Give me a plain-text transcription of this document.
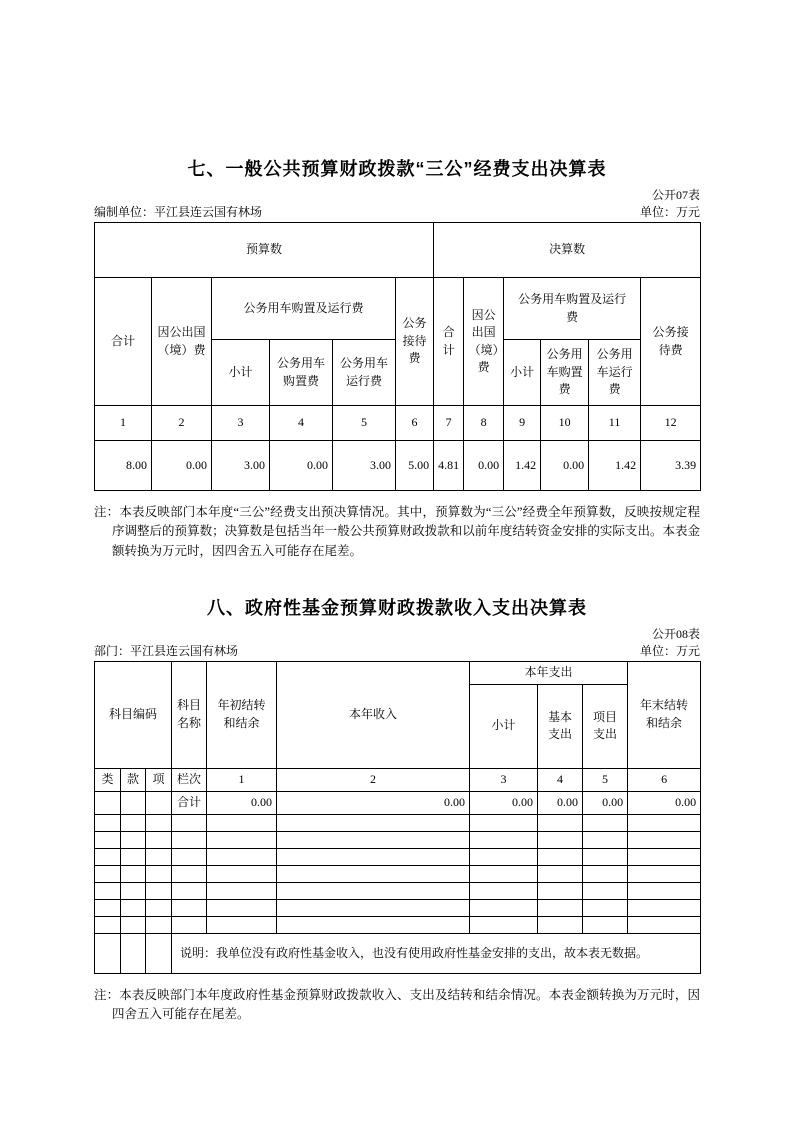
七、一般公共预算财政拨款“三公”经费支出决算表
公开07表
编制单位：平江县连云国有林场	单位：万元
预算数						决算数					
合计	因公出国（境）费	公务用车购置及运行费			公务接待费	合计	因公出国（境）费	公务用车购置及运行费			公务接待费
		小计	公务用车购置费	公务用车运行费				小计	公务用车购置费	公务用车运行费	
1	2	3	4	5	6	7	8	9	10	11	12
8.00	0.00	3.00	0.00	3.00	5.00	4.81	0.00	1.42	0.00	1.42	3.39
注：本表反映部门本年度“三公”经费支出预决算情况。其中，预算数为“三公”经费全年预算数，反映按规定程序调整后的预算数；决算数是包括当年一般公共预算财政拨款和以前年度结转资金安排的实际支出。本表金额转换为万元时，因四舍五入可能存在尾差。
八、政府性基金预算财政拨款收入支出决算表
公开08表
部门：平江县连云国有林场	单位：万元
科目编码			科目名称	年初结转和结余	本年收入	本年支出			年末结转和结余
						小计	基本支出	项目支出	
类	款	项	栏次	1	2	3	4	5	6
			合计	0.00	0.00	0.00	0.00	0.00	0.00

			说明：我单位没有政府性基金收入，也没有使用政府性基金安排的支出，故本表无数据。						
注：本表反映部门本年度政府性基金预算财政拨款收入、支出及结转和结余情况。本表金额转换为万元时，因四舍五入可能存在尾差。
